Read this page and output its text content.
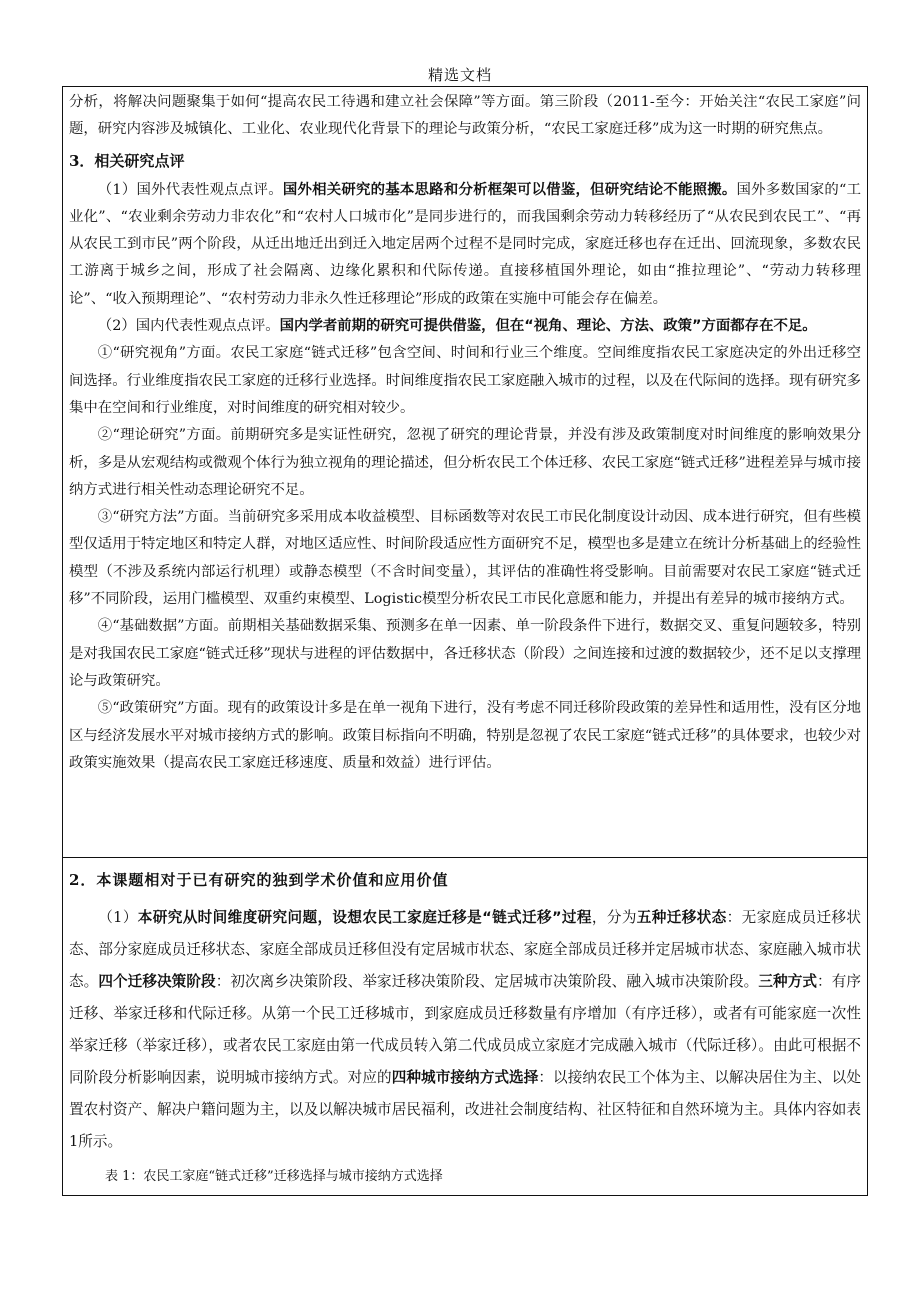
精选文档

分析，将解决问题聚集于如何“提高农民工待遇和建立社会保障”等方面。第三阶段（2011-至今：开始关注“农民工家庭”问题，研究内容涉及城镇化、工业化、农业现代化背景下的理论与政策分析，“农民工家庭迁移”成为这一时期的研究焦点。

3．相关研究点评

（1）国外代表性观点点评。国外相关研究的基本思路和分析框架可以借鉴，但研究结论不能照搬。国外多数国家的“工业化”、“农业剩余劳动力非农化”和“农村人口城市化”是同步进行的，而我国剩余劳动力转移经历了“从农民到农民工”、“再从农民工到市民”两个阶段，从迁出地迁出到迁入地定居两个过程不是同时完成，家庭迁移也存在迁出、回流现象，多数农民工游离于城乡之间，形成了社会隔离、边缘化累积和代际传递。直接移植国外理论，如由“推拉理论”、“劳动力转移理论”、“收入预期理论”、“农村劳动力非永久性迁移理论”形成的政策在实施中可能会存在偏差。

（2）国内代表性观点点评。国内学者前期的研究可提供借鉴，但在“视角、理论、方法、政策”方面都存在不足。

①“研究视角”方面。农民工家庭“链式迁移”包含空间、时间和行业三个维度。空间维度指农民工家庭决定的外出迁移空间选择。行业维度指农民工家庭的迁移行业选择。时间维度指农民工家庭融入城市的过程，以及在代际间的选择。现有研究多集中在空间和行业维度，对时间维度的研究相对较少。

②“理论研究”方面。前期研究多是实证性研究，忽视了研究的理论背景，并没有涉及政策制度对时间维度的影响效果分析，多是从宏观结构或微观个体行为独立视角的理论描述，但分析农民工个体迁移、农民工家庭“链式迁移”进程差异与城市接纳方式进行相关性动态理论研究不足。

③“研究方法”方面。当前研究多采用成本收益模型、目标函数等对农民工市民化制度设计动因、成本进行研究，但有些模型仅适用于特定地区和特定人群，对地区适应性、时间阶段适应性方面研究不足，模型也多是建立在统计分析基础上的经验性模型（不涉及系统内部运行机理）或静态模型（不含时间变量），其评估的准确性将受影响。目前需要对农民工家庭“链式迁移”不同阶段，运用门槛模型、双重约束模型、Logistic模型分析农民工市民化意愿和能力，并提出有差异的城市接纳方式。

④“基础数据”方面。前期相关基础数据采集、预测多在单一因素、单一阶段条件下进行，数据交叉、重复问题较多，特别是对我国农民工家庭“链式迁移”现状与进程的评估数据中，各迁移状态（阶段）之间连接和过渡的数据较少，还不足以支撑理论与政策研究。

⑤“政策研究”方面。现有的政策设计多是在单一视角下进行，没有考虑不同迁移阶段政策的差异性和适用性，没有区分地区与经济发展水平对城市接纳方式的影响。政策目标指向不明确，特别是忽视了农民工家庭“链式迁移”的具体要求，也较少对政策实施效果（提高农民工家庭迁移速度、质量和效益）进行评估。

2．本课题相对于已有研究的独到学术价值和应用价值

（1）本研究从时间维度研究问题，设想农民工家庭迁移是“链式迁移”过程，分为五种迁移状态：无家庭成员迁移状态、部分家庭成员迁移状态、家庭全部成员迁移但没有定居城市状态、家庭全部成员迁移并定居城市状态、家庭融入城市状态。四个迁移决策阶段：初次离乡决策阶段、举家迁移决策阶段、定居城市决策阶段、融入城市决策阶段。三种方式：有序迁移、举家迁移和代际迁移。从第一个民工迁移城市，到家庭成员迁移数量有序增加（有序迁移），或者有可能家庭一次性举家迁移（举家迁移），或者农民工家庭由第一代成员转入第二代成员成立家庭才完成融入城市（代际迁移）。由此可根据不同阶段分析影响因素，说明城市接纳方式。对应的四种城市接纳方式选择：以接纳农民工个体为主、以解决居住为主、以处置农村资产、解决户籍问题为主，以及以解决城市居民福利，改进社会制度结构、社区特征和自然环境为主。具体内容如表1所示。

表 1：农民工家庭“链式迁移”迁移选择与城市接纳方式选择
